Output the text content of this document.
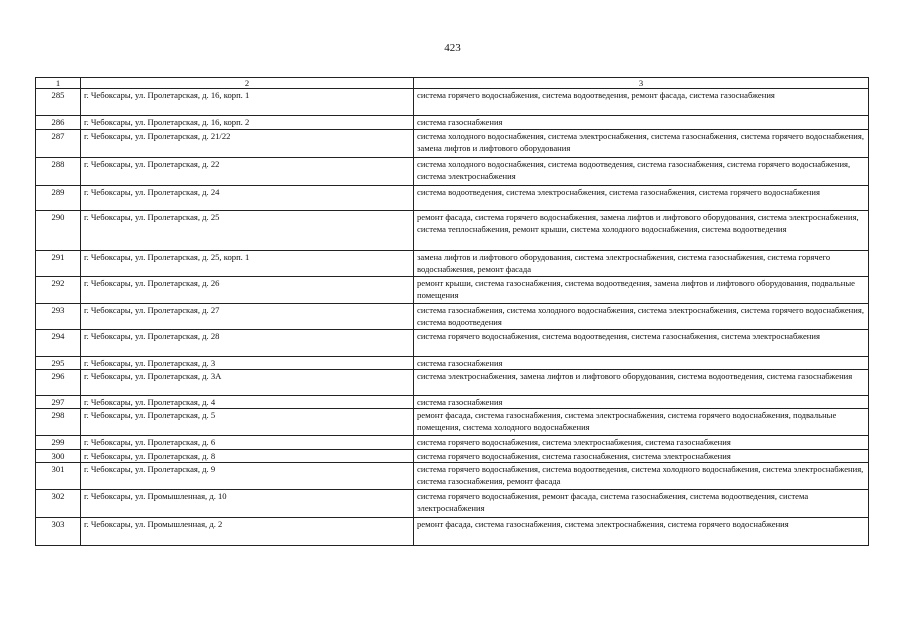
423
1	2	3
285	г. Чебоксары, ул. Пролетарская, д. 16, корп. 1	система горячего водоснабжения, система водоотведения, ремонт фасада, система газоснабжения
286	г. Чебоксары, ул. Пролетарская, д. 16, корп. 2	система газоснабжения
287	г. Чебоксары, ул. Пролетарская, д. 21/22	система холодного водоснабжения, система электроснабжения, система газоснабжения, система горячего водоснабжения, замена лифтов и лифтового оборудования
288	г. Чебоксары, ул. Пролетарская, д. 22	система холодного водоснабжения, система водоотведения, система газоснабжения, система горячего водоснабжения, система электроснабжения
289	г. Чебоксары, ул. Пролетарская, д. 24	система водоотведения, система электроснабжения, система газоснабжения, система горячего водоснабжения
290	г. Чебоксары, ул. Пролетарская, д. 25	ремонт фасада, система горячего водоснабжения, замена лифтов и лифтового оборудования, система электроснабжения, система теплоснабжения, ремонт крыши, система холодного водоснабжения, система водоотведения
291	г. Чебоксары, ул. Пролетарская, д. 25, корп. 1	замена лифтов и лифтового оборудования, система электроснабжения, система газоснабжения, система горячего водоснабжения, ремонт фасада
292	г. Чебоксары, ул. Пролетарская, д. 26	ремонт крыши, система газоснабжения, система водоотведения, замена лифтов и лифтового оборудования, подвальные помещения
293	г. Чебоксары, ул. Пролетарская, д. 27	система газоснабжения, система холодного водоснабжения, система электроснабжения, система горячего водоснабжения, система водоотведения
294	г. Чебоксары, ул. Пролетарская, д. 28	система горячего водоснабжения, система водоотведения, система газоснабжения, система электроснабжения
295	г. Чебоксары, ул. Пролетарская, д. 3	система газоснабжения
296	г. Чебоксары, ул. Пролетарская, д. 3А	система электроснабжения, замена лифтов и лифтового оборудования, система водоотведения, система газоснабжения
297	г. Чебоксары, ул. Пролетарская, д. 4	система газоснабжения
298	г. Чебоксары, ул. Пролетарская, д. 5	ремонт фасада, система газоснабжения, система электроснабжения, система горячего водоснабжения, подвальные помещения, система холодного водоснабжения
299	г. Чебоксары, ул. Пролетарская, д. 6	система горячего водоснабжения, система электроснабжения, система газоснабжения
300	г. Чебоксары, ул. Пролетарская, д. 8	система горячего водоснабжения, система газоснабжения, система электроснабжения
301	г. Чебоксары, ул. Пролетарская, д. 9	система горячего водоснабжения, система водоотведения, система холодного водоснабжения, система электроснабжения, система газоснабжения, ремонт фасада
302	г. Чебоксары, ул. Промышленная, д. 10	система горячего водоснабжения, ремонт фасада, система газоснабжения, система водоотведения, система электроснабжения
303	г. Чебоксары, ул. Промышленная, д. 2	ремонт фасада, система газоснабжения, система электроснабжения, система горячего водоснабжения
